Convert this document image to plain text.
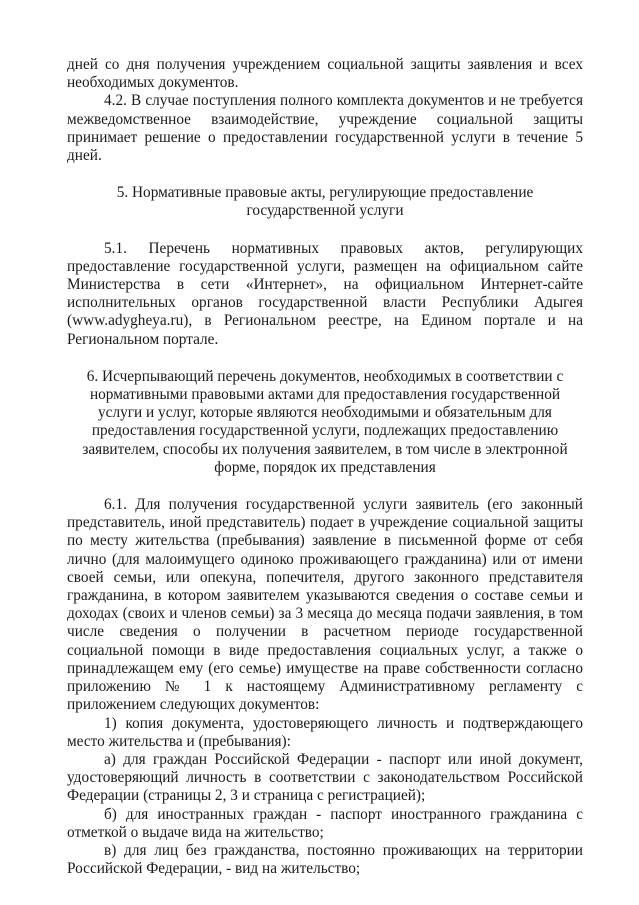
дней со дня получения учреждением социальной защиты заявления и всех необходимых документов.

4.2. В случае поступления полного комплекта документов и не требуется межведомственное взаимодействие, учреждение социальной защиты принимает решение о предоставлении государственной услуги в течение 5 дней.

5. Нормативные правовые акты, регулирующие предоставление государственной услуги

5.1. Перечень нормативных правовых актов, регулирующих предоставление государственной услуги, размещен на официальном сайте Министерства в сети «Интернет», на официальном Интернет-сайте исполнительных органов государственной власти Республики Адыгея (www.adygheya.ru), в Региональном реестре, на Едином портале и на Региональном портале.

6. Исчерпывающий перечень документов, необходимых в соответствии с нормативными правовыми актами для предоставления государственной услуги и услуг, которые являются необходимыми и обязательным для предоставления государственной услуги, подлежащих предоставлению заявителем, способы их получения заявителем, в том числе в электронной форме, порядок их представления

6.1. Для получения государственной услуги заявитель (его законный представитель, иной представитель) подает в учреждение социальной защиты по месту жительства (пребывания) заявление в письменной форме от себя лично (для малоимущего одиноко проживающего гражданина) или от имени своей семьи, или опекуна, попечителя, другого законного представителя гражданина, в котором заявителем указываются сведения о составе семьи и доходах (своих и членов семьи) за 3 месяца до месяца подачи заявления, в том числе сведения о получении в расчетном периоде государственной социальной помощи в виде предоставления социальных услуг, а также о принадлежащем ему (его семье) имуществе на праве собственности согласно приложению № 1 к настоящему Административному регламенту с приложением следующих документов:

1) копия документа, удостоверяющего личность и подтверждающего место жительства и (пребывания):

а) для граждан Российской Федерации - паспорт или иной документ, удостоверяющий личность в соответствии с законодательством Российской Федерации (страницы 2, 3 и страница с регистрацией);

б) для иностранных граждан - паспорт иностранного гражданина с отметкой о выдаче вида на жительство;

в) для лиц без гражданства, постоянно проживающих на территории Российской Федерации, - вид на жительство;
